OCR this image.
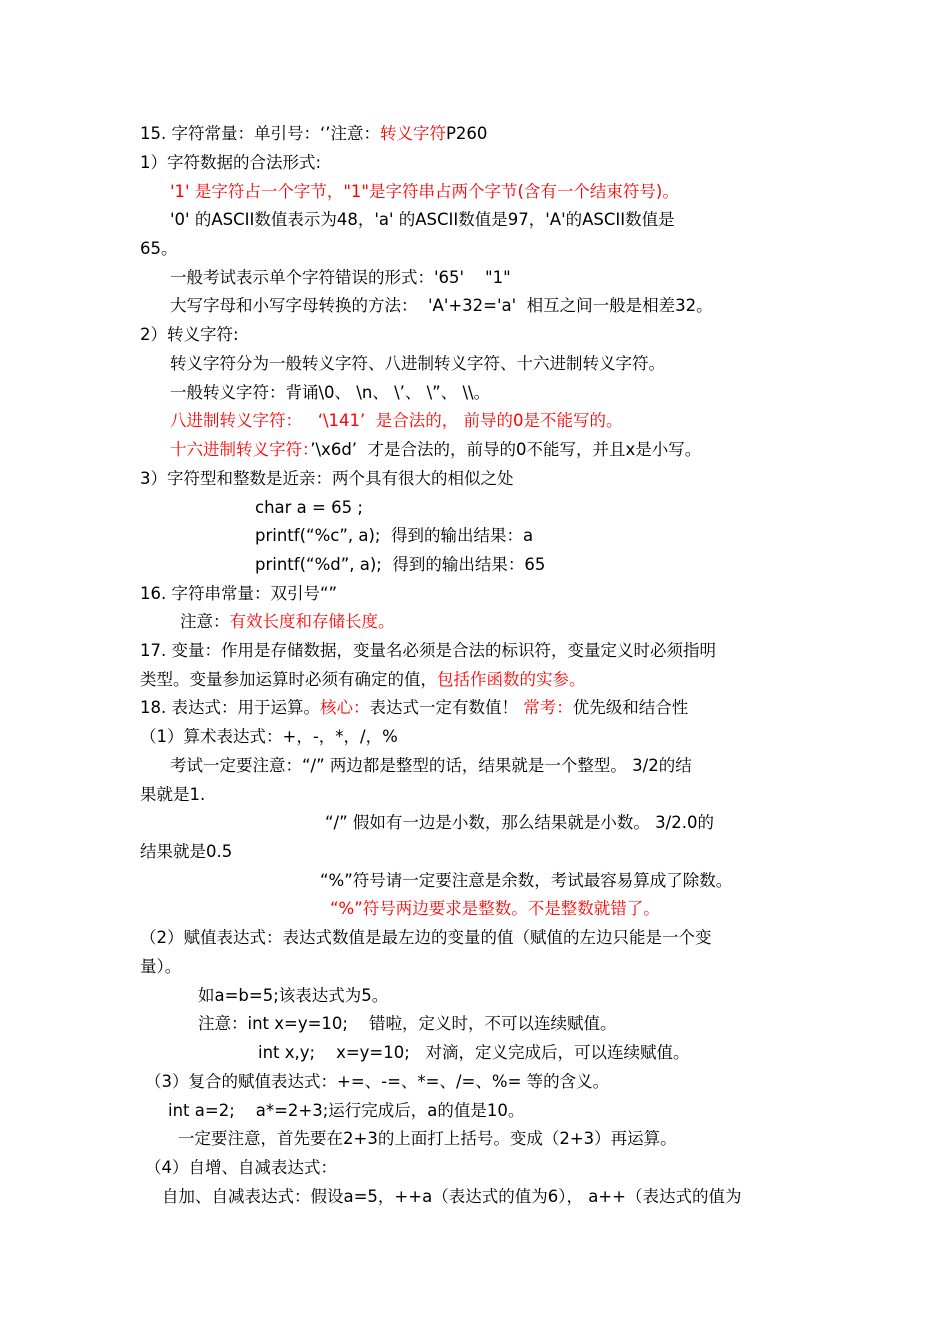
15. 字符常量：单引号：‘’注意：转义字符P260
1）字符数据的合法形式:
'1' 是字符占一个字节，"1"是字符串占两个字节(含有一个结束符号)。
'0' 的ASCII数值表示为48，'a' 的ASCII数值是97，'A'的ASCII数值是
65。
一般考试表示单个字符错误的形式：'65'    "1"
大写字母和小写字母转换的方法：  'A'+32='a'  相互之间一般是相差32。
2）转义字符:
转义字符分为一般转义字符、八进制转义字符、十六进制转义字符。
一般转义字符：背诵\0、 \n、 \’、 \”、 \\。
八进制转义字符：   ‘\141’  是合法的， 前导的0是不能写的。
十六进制转义字符：’\x6d’  才是合法的，前导的0不能写，并且x是小写。
3）字符型和整数是近亲：两个具有很大的相似之处
char a = 65 ;
printf(“%c”, a);  得到的输出结果：a
printf(“%d”, a);  得到的输出结果：65
16. 字符串常量：双引号“”
注意：有效长度和存储长度。
17. 变量：作用是存储数据，变量名必须是合法的标识符，变量定义时必须指明
类型。变量参加运算时必须有确定的值，包括作函数的实参。
18. 表达式：用于运算。核心：表达式一定有数值！ 常考：优先级和结合性
（1）算术表达式：+，-，*，/，%
考试一定要注意：“/” 两边都是整型的话，结果就是一个整型。 3/2的结
果就是1.
“/” 假如有一边是小数，那么结果就是小数。 3/2.0的
结果就是0.5
“%”符号请一定要注意是余数，考试最容易算成了除数。
“%”符号两边要求是整数。不是整数就错了。
（2）赋值表达式：表达式数值是最左边的变量的值（赋值的左边只能是一个变
量）。
如a=b=5;该表达式为5。
注意：int x=y=10;    错啦，定义时，不可以连续赋值。
int x,y;    x=y=10;   对滴，定义完成后，可以连续赋值。
（3）复合的赋值表达式：+=、-=、*=、/=、%= 等的含义。
int a=2;    a*=2+3;运行完成后，a的值是10。
一定要注意，首先要在2+3的上面打上括号。变成（2+3）再运算。
（4）自增、自减表达式：
自加、自减表达式：假设a=5，++a（表达式的值为6）， a++（表达式的值为
